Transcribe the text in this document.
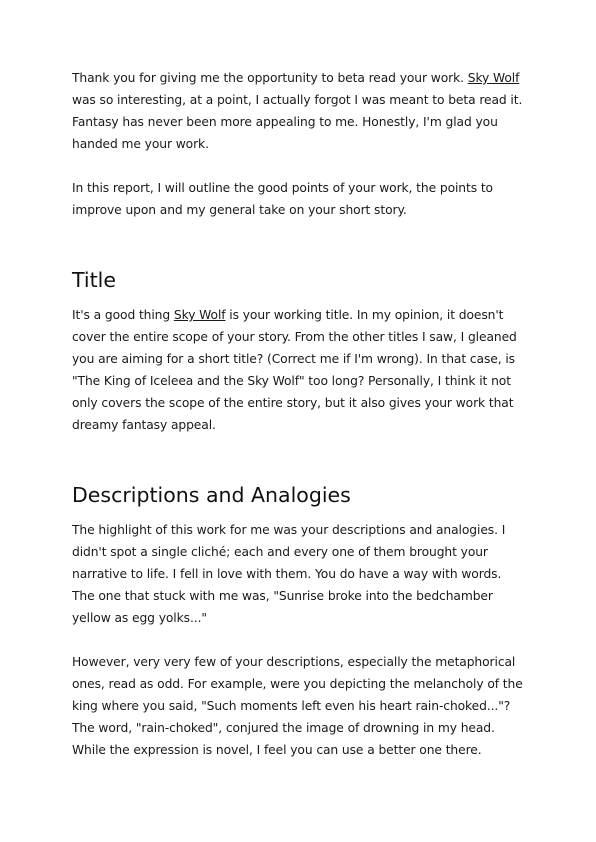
Thank you for giving me the opportunity to beta read your work. Sky Wolf was so interesting, at a point, I actually forgot I was meant to beta read it. Fantasy has never been more appealing to me. Honestly, I'm glad you handed me your work.

In this report, I will outline the good points of your work, the points to improve upon and my general take on your short story.

Title

It's a good thing Sky Wolf is your working title. In my opinion, it doesn't cover the entire scope of your story. From the other titles I saw, I gleaned you are aiming for a short title? (Correct me if I'm wrong). In that case, is "The King of Iceleea and the Sky Wolf" too long? Personally, I think it not only covers the scope of the entire story, but it also gives your work that dreamy fantasy appeal.

Descriptions and Analogies

The highlight of this work for me was your descriptions and analogies. I didn't spot a single cliché; each and every one of them brought your narrative to life. I fell in love with them. You do have a way with words. The one that stuck with me was, "Sunrise broke into the bedchamber yellow as egg yolks..."

However, very very few of your descriptions, especially the metaphorical ones, read as odd. For example, were you depicting the melancholy of the king where you said, "Such moments left even his heart rain-choked..."? The word, "rain-choked", conjured the image of drowning in my head. While the expression is novel, I feel you can use a better one there.
